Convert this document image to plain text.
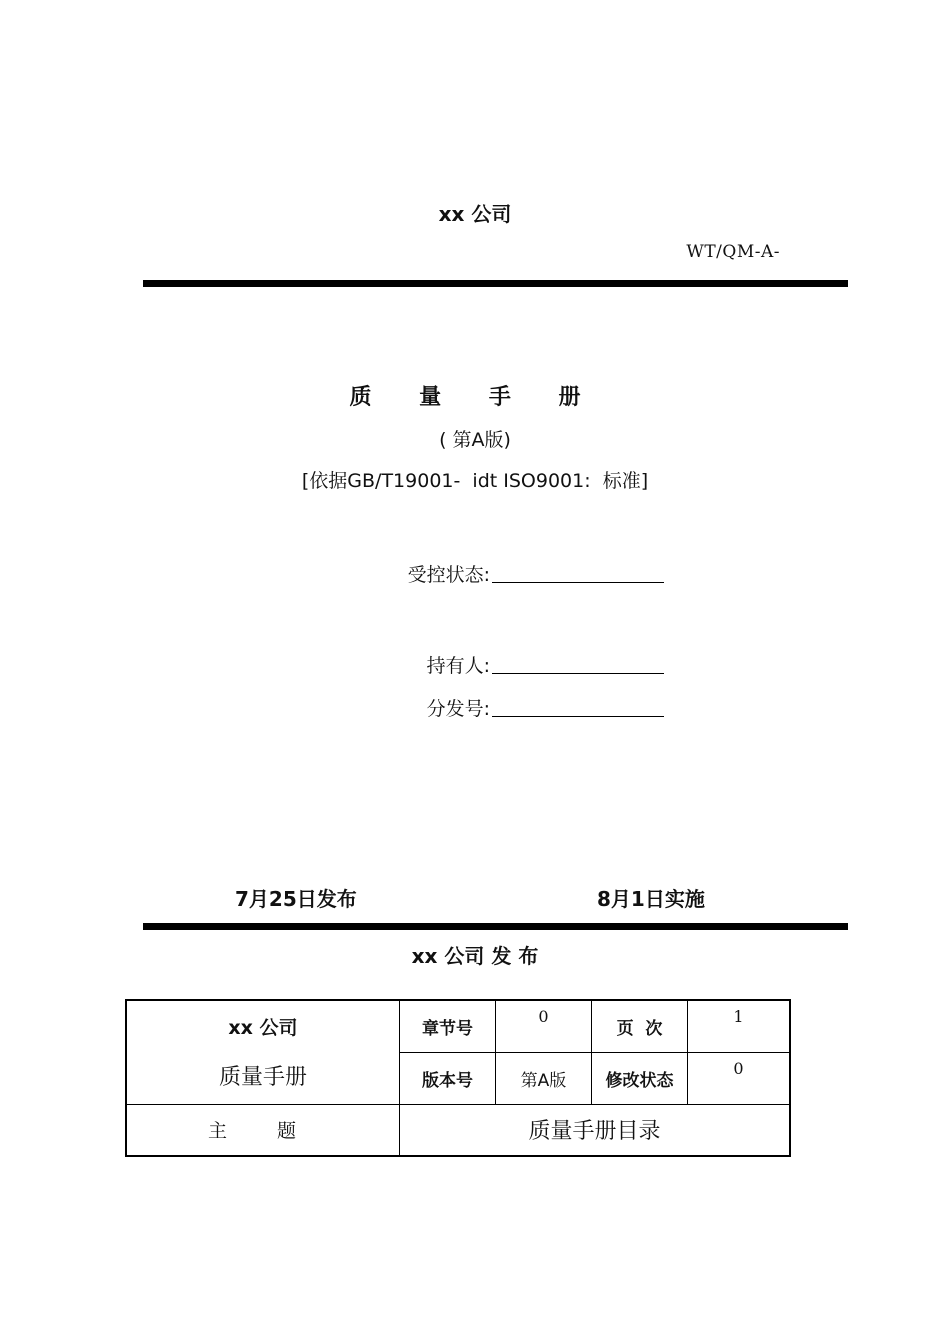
xx 公司
WT/QM-A-
质 量 手 册
( 第A版)
[依据GB/T19001-  idt ISO9001:  标准]
受控状态:
持有人:
分发号:
7月25日发布	8月1日实施
xx 公司 发 布
xx 公司
质量手册	章节号	0	页  次	1
	版本号	第A版	修改状态	0
主 题	质量手册目录			
